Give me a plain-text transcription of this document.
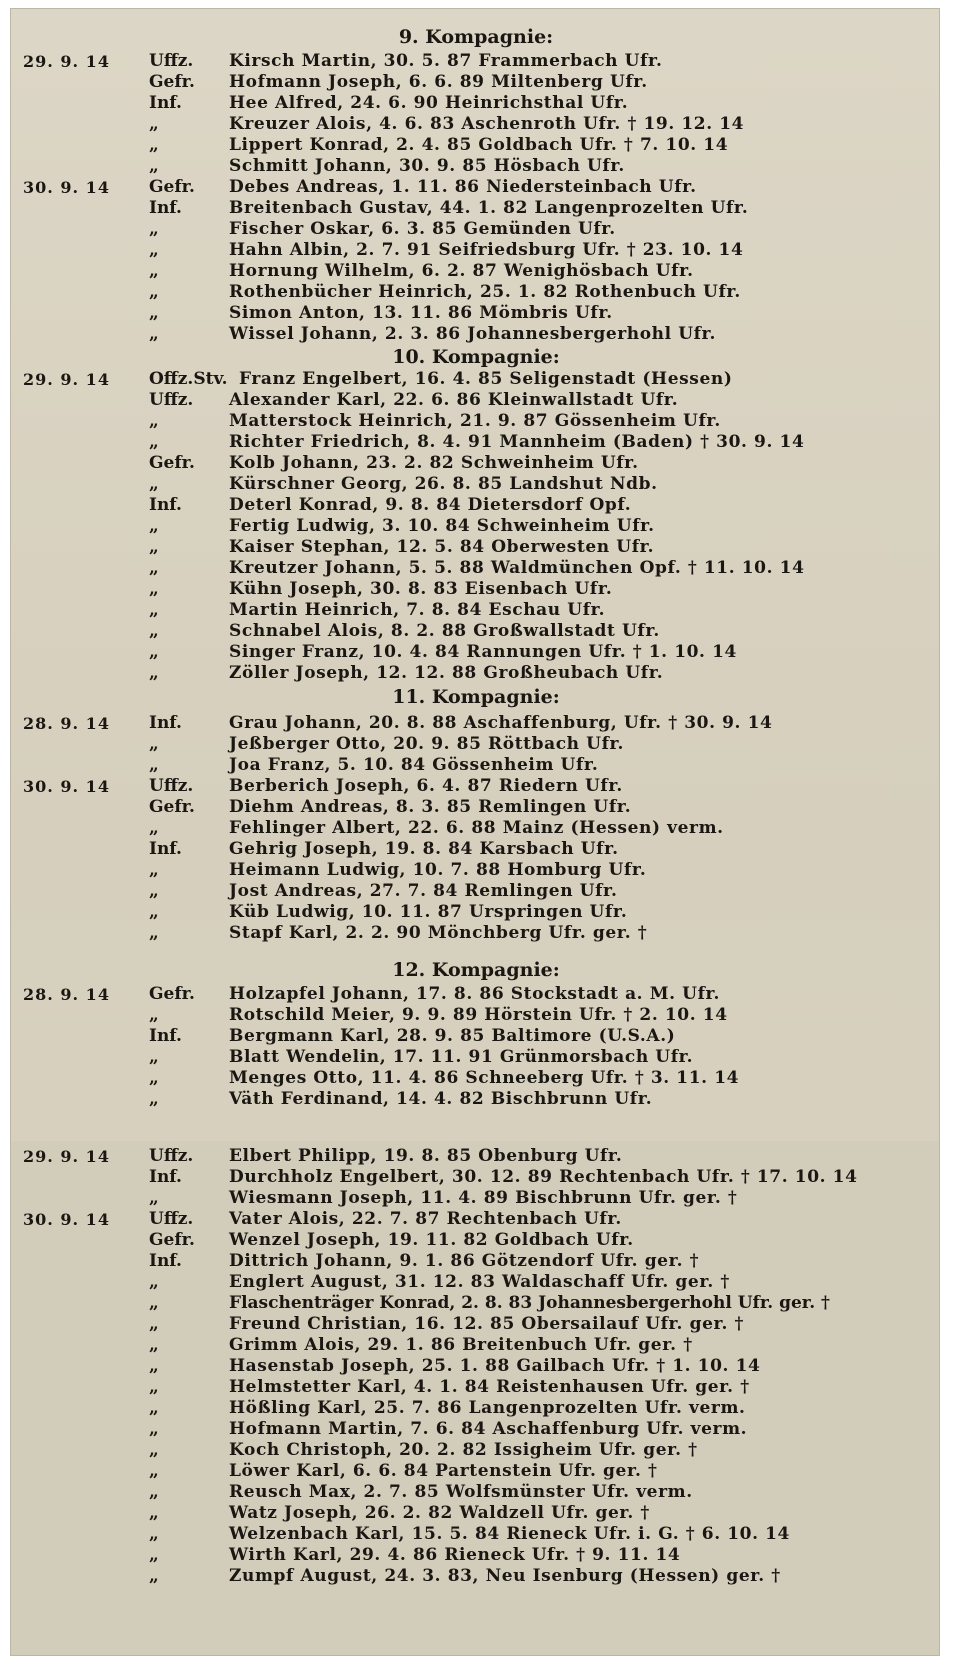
9. Kompagnie:
29. 9. 14 Uffz. Kirsch Martin, 30. 5. 87 Frammerbach Ufr.
Gefr. Hofmann Joseph, 6. 6. 89 Miltenberg Ufr.
Inf.	Hee Alfred, 24. 6. 90 Heinrichsthal Ufr.
„	Kreuzer Alois, 4. 6. 83 Aschenroth Ufr. † 19. 12. 14
„	Lippert Konrad, 2. 4. 85 Goldbach Ufr. † 7. 10. 14
„	Schmitt Johann, 30. 9. 85 Hösbach Ufr.
30. 9. 14 Gefr. Debes Andreas, 1. 11. 86 Niedersteinbach Ufr.
Inf.	Breitenbach Gustav, 44. 1. 82 Langenprozelten Ufr.
„	Fischer Oskar, 6. 3. 85 Gemünden Ufr.
„	Hahn Albin, 2. 7. 91 Seifriedsburg Ufr. † 23. 10. 14
„	Hornung Wilhelm, 6. 2. 87 Wenighösbach Ufr.
„	Rothenbücher Heinrich, 25. 1. 82 Rothenbuch Ufr.
„	Simon Anton, 13. 11. 86 Mömbris Ufr.
„	Wissel Johann, 2. 3. 86 Johannesbergerhohl Ufr.
10. Kompagnie:
29. 9. 14 Offz.Stv. Franz Engelbert, 16. 4. 85 Seligenstadt (Hessen)
Uffz. Alexander Karl, 22. 6. 86 Kleinwallstadt Ufr.
„	Matterstock Heinrich, 21. 9. 87 Gössenheim Ufr.
„	Richter Friedrich, 8. 4. 91 Mannheim (Baden) † 30. 9. 14
Gefr. Kolb Johann, 23. 2. 82 Schweinheim Ufr.
„	Kürschner Georg, 26. 8. 85 Landshut Ndb.
Inf.	Deterl Konrad, 9. 8. 84 Dietersdorf Opf.
„	Fertig Ludwig, 3. 10. 84 Schweinheim Ufr.
„	Kaiser Stephan, 12. 5. 84 Oberwesten Ufr.
„	Kreutzer Johann, 5. 5. 88 Waldmünchen Opf. † 11. 10. 14
„	Kühn Joseph, 30. 8. 83 Eisenbach Ufr.
„	Martin Heinrich, 7. 8. 84 Eschau Ufr.
„	Schnabel Alois, 8. 2. 88 Großwallstadt Ufr.
„	Singer Franz, 10. 4. 84 Rannungen Ufr. † 1. 10. 14
„	Zöller Joseph, 12. 12. 88 Großheubach Ufr.
11. Kompagnie:
28. 9. 14 Inf.	Grau Johann, 20. 8. 88 Aschaffenburg, Ufr. † 30. 9. 14
„	Jeßberger Otto, 20. 9. 85 Röttbach Ufr.
„	Joa Franz, 5. 10. 84 Gössenheim Ufr.
30. 9. 14 Uffz. Berberich Joseph, 6. 4. 87 Riedern Ufr.
Gefr. Diehm Andreas, 8. 3. 85 Remlingen Ufr.
„	Fehlinger Albert, 22. 6. 88 Mainz (Hessen) verm.
Inf.	Gehrig Joseph, 19. 8. 84 Karsbach Ufr.
„	Heimann Ludwig, 10. 7. 88 Homburg Ufr.
„	Jost Andreas, 27. 7. 84 Remlingen Ufr.
„	Küb Ludwig, 10. 11. 87 Urspringen Ufr.
„	Stapf Karl, 2. 2. 90 Mönchberg Ufr. ger. †
12. Kompagnie:
28. 9. 14 Gefr. Holzapfel Johann, 17. 8. 86 Stockstadt a. M. Ufr.
„	Rotschild Meier, 9. 9. 89 Hörstein Ufr. † 2. 10. 14
Inf.	Bergmann Karl, 28. 9. 85 Baltimore (U.S.A.)
„	Blatt Wendelin, 17. 11. 91 Grünmorsbach Ufr.
„	Menges Otto, 11. 4. 86 Schneeberg Ufr. † 3. 11. 14
„	Väth Ferdinand, 14. 4. 82 Bischbrunn Ufr.
29. 9. 14 Uffz. Elbert Philipp, 19. 8. 85 Obenburg Ufr.
Inf.	Durchholz Engelbert, 30. 12. 89 Rechtenbach Ufr. † 17. 10. 14
„	Wiesmann Joseph, 11. 4. 89 Bischbrunn Ufr. ger. †
30. 9. 14 Uffz. Vater Alois, 22. 7. 87 Rechtenbach Ufr.
Gefr. Wenzel Joseph, 19. 11. 82 Goldbach Ufr.
Inf.	Dittrich Johann, 9. 1. 86 Götzendorf Ufr. ger. †
„	Englert August, 31. 12. 83 Waldaschaff Ufr. ger. †
„	Flaschenträger Konrad, 2. 8. 83 Johannesbergerhohl Ufr. ger. †
„	Freund Christian, 16. 12. 85 Obersailauf Ufr. ger. †
„	Grimm Alois, 29. 1. 86 Breitenbuch Ufr. ger. †
„	Hasenstab Joseph, 25. 1. 88 Gailbach Ufr. † 1. 10. 14
„	Helmstetter Karl, 4. 1. 84 Reistenhausen Ufr. ger. †
„	Hößling Karl, 25. 7. 86 Langenprozelten Ufr. verm.
„	Hofmann Martin, 7. 6. 84 Aschaffenburg Ufr. verm.
„	Koch Christoph, 20. 2. 82 Issigheim Ufr. ger. †
„	Löwer Karl, 6. 6. 84 Partenstein Ufr. ger. †
„	Reusch Max, 2. 7. 85 Wolfsmünster Ufr. verm.
„	Watz Joseph, 26. 2. 82 Waldzell Ufr. ger. †
„	Welzenbach Karl, 15. 5. 84 Rieneck Ufr. i. G. † 6. 10. 14
„	Wirth Karl, 29. 4. 86 Rieneck Ufr. † 9. 11. 14
„	Zumpf August, 24. 3. 83, Neu Isenburg (Hessen) ger. †
